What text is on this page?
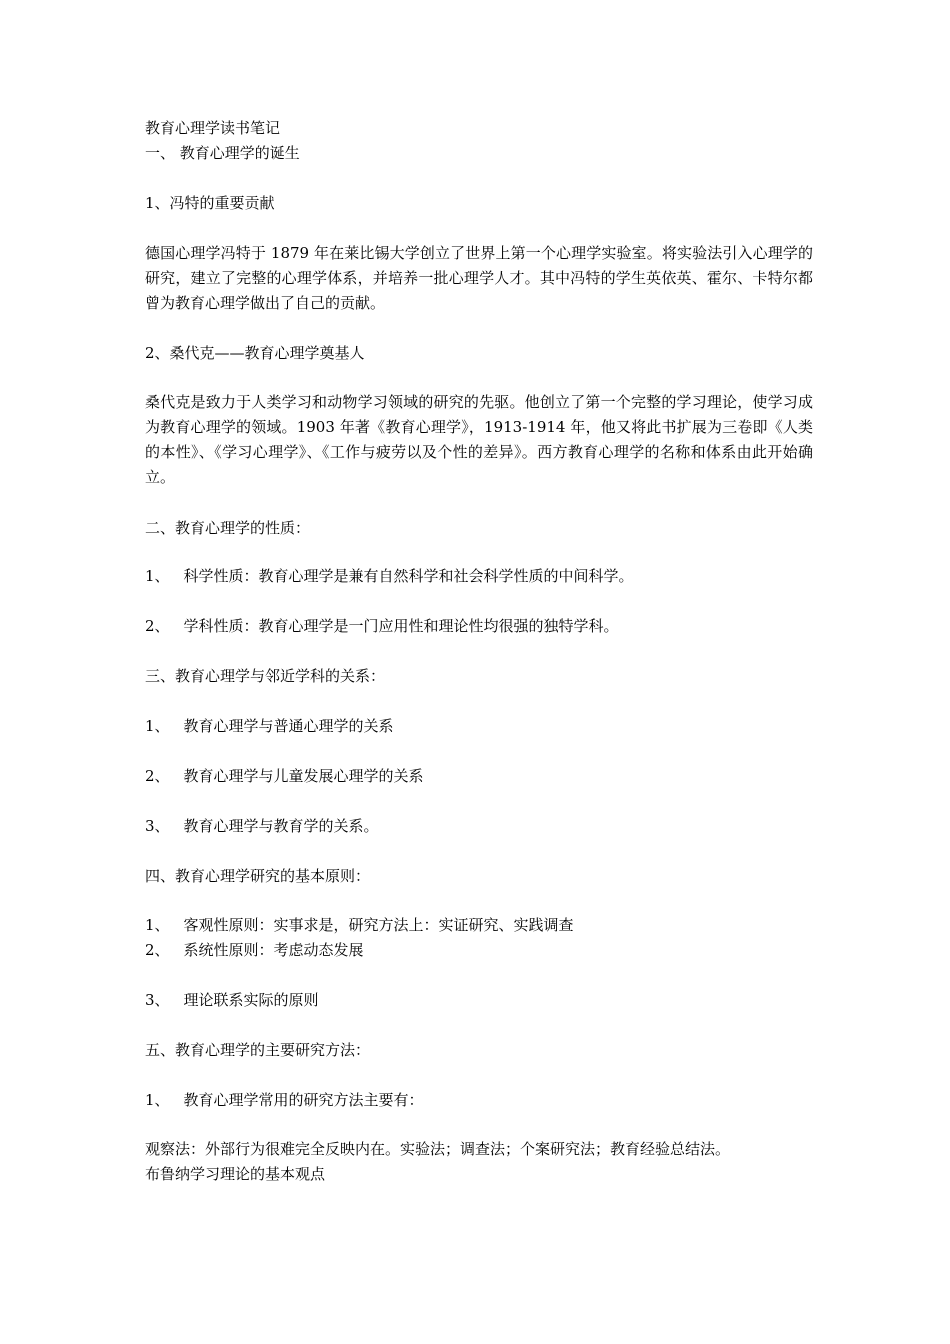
教育心理学读书笔记
一、 教育心理学的诞生
1、冯特的重要贡献
德国心理学冯特于 1879 年在莱比锡大学创立了世界上第一个心理学实验室。将实验法引入心理学的研究，建立了完整的心理学体系，并培养一批心理学人才。其中冯特的学生英依英、霍尔、卡特尔都曾为教育心理学做出了自己的贡献。
2、桑代克——教育心理学奠基人
桑代克是致力于人类学习和动物学习领域的研究的先驱。他创立了第一个完整的学习理论，使学习成为教育心理学的领域。1903 年著《教育心理学》，1913-1914 年，他又将此书扩展为三卷即《人类的本性》、《学习心理学》、《工作与疲劳以及个性的差异》。西方教育心理学的名称和体系由此开始确立。
二、教育心理学的性质：
1、 科学性质：教育心理学是兼有自然科学和社会科学性质的中间科学。
2、 学科性质：教育心理学是一门应用性和理论性均很强的独特学科。
三、教育心理学与邻近学科的关系：
1、 教育心理学与普通心理学的关系
2、 教育心理学与儿童发展心理学的关系
3、 教育心理学与教育学的关系。
四、教育心理学研究的基本原则：
1、 客观性原则：实事求是，研究方法上：实证研究、实践调查
2、 系统性原则：考虑动态发展
3、 理论联系实际的原则
五、教育心理学的主要研究方法：
1、 教育心理学常用的研究方法主要有：
观察法：外部行为很难完全反映内在。实验法；调查法；个案研究法；教育经验总结法。
布鲁纳学习理论的基本观点
